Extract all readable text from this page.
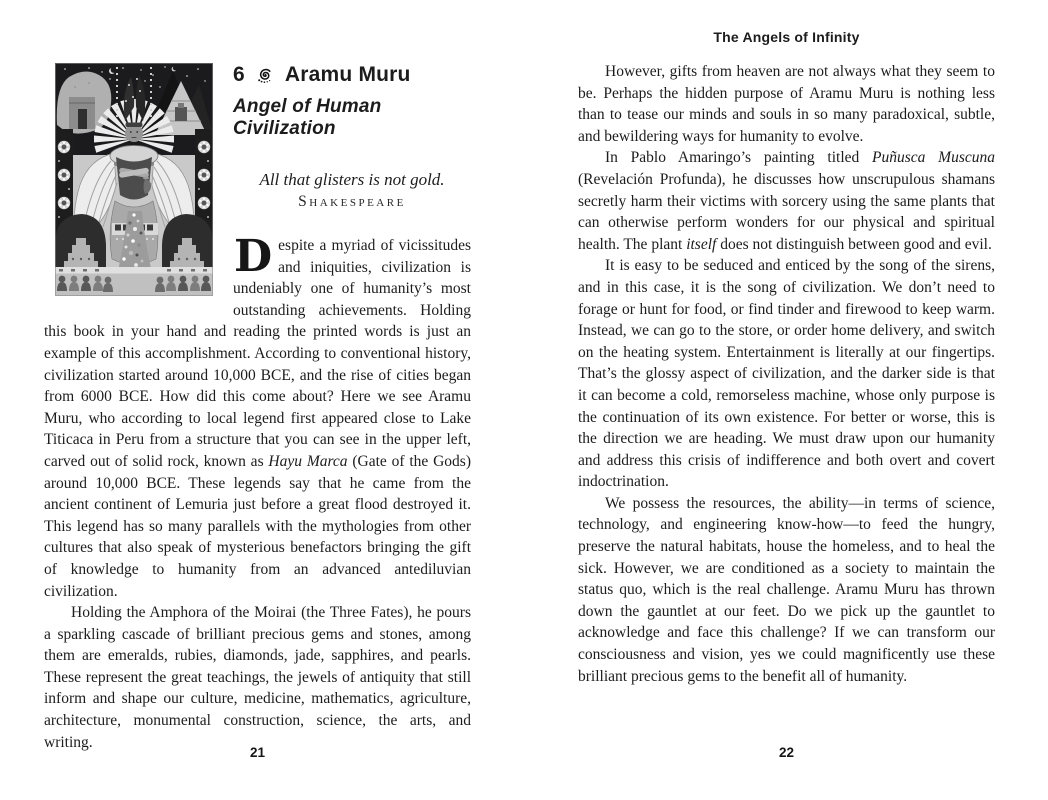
6 Aramu Muru
Angel of Human Civilization
All that glisters is not gold.
Shakespeare

Despite a myriad of vicissitudes and iniquities, civilization is undeniably one of humanity’s most outstanding achievements. Holding this book in your hand and reading the printed words is just an example of this accomplishment. According to conventional history, civilization started around 10,000 BCE, and the rise of cities began from 6000 BCE. How did this come about? Here we see Aramu Muru, who according to local legend first appeared close to Lake Titicaca in Peru from a structure that you can see in the upper left, carved out of solid rock, known as Hayu Marca (Gate of the Gods) around 10,000 BCE. These legends say that he came from the ancient continent of Lemuria just before a great flood destroyed it. This legend has so many parallels with the mythologies from other cultures that also speak of mysterious benefactors bringing the gift of knowledge to humanity from an advanced antediluvian civilization.

Holding the Amphora of the Moirai (the Three Fates), he pours a sparkling cascade of brilliant precious gems and stones, among them are emeralds, rubies, diamonds, jade, sapphires, and pearls. These represent the great teachings, the jewels of antiquity that still inform and shape our culture, medicine, mathematics, agriculture, architecture, monumental construction, science, the arts, and writing.

The Angels of Infinity

However, gifts from heaven are not always what they seem to be. Perhaps the hidden purpose of Aramu Muru is nothing less than to tease our minds and souls in so many paradoxical, subtle, and bewildering ways for humanity to evolve.

In Pablo Amaringo’s painting titled Puñusca Muscuna (Revelación Profunda), he discusses how unscrupulous shamans secretly harm their victims with sorcery using the same plants that can otherwise perform wonders for our physical and spiritual health. The plant itself does not distinguish between good and evil.

It is easy to be seduced and enticed by the song of the sirens, and in this case, it is the song of civilization. We don’t need to forage or hunt for food, or find tinder and firewood to keep warm. Instead, we can go to the store, or order home delivery, and switch on the heating system. Entertainment is literally at our fingertips. That’s the glossy aspect of civilization, and the darker side is that it can become a cold, remorseless machine, whose only purpose is the continuation of its own existence. For better or worse, this is the direction we are heading. We must draw upon our humanity and address this crisis of indifference and both overt and covert indoctrination.

We possess the resources, the ability—in terms of science, technology, and engineering know-how—to feed the hungry, preserve the natural habitats, house the homeless, and to heal the sick. However, we are conditioned as a society to maintain the status quo, which is the real challenge. Aramu Muru has thrown down the gauntlet at our feet. Do we pick up the gauntlet to acknowledge and face this challenge? If we can transform our consciousness and vision, yes we could magnificently use these brilliant precious gems to the benefit all of humanity.

21	22
